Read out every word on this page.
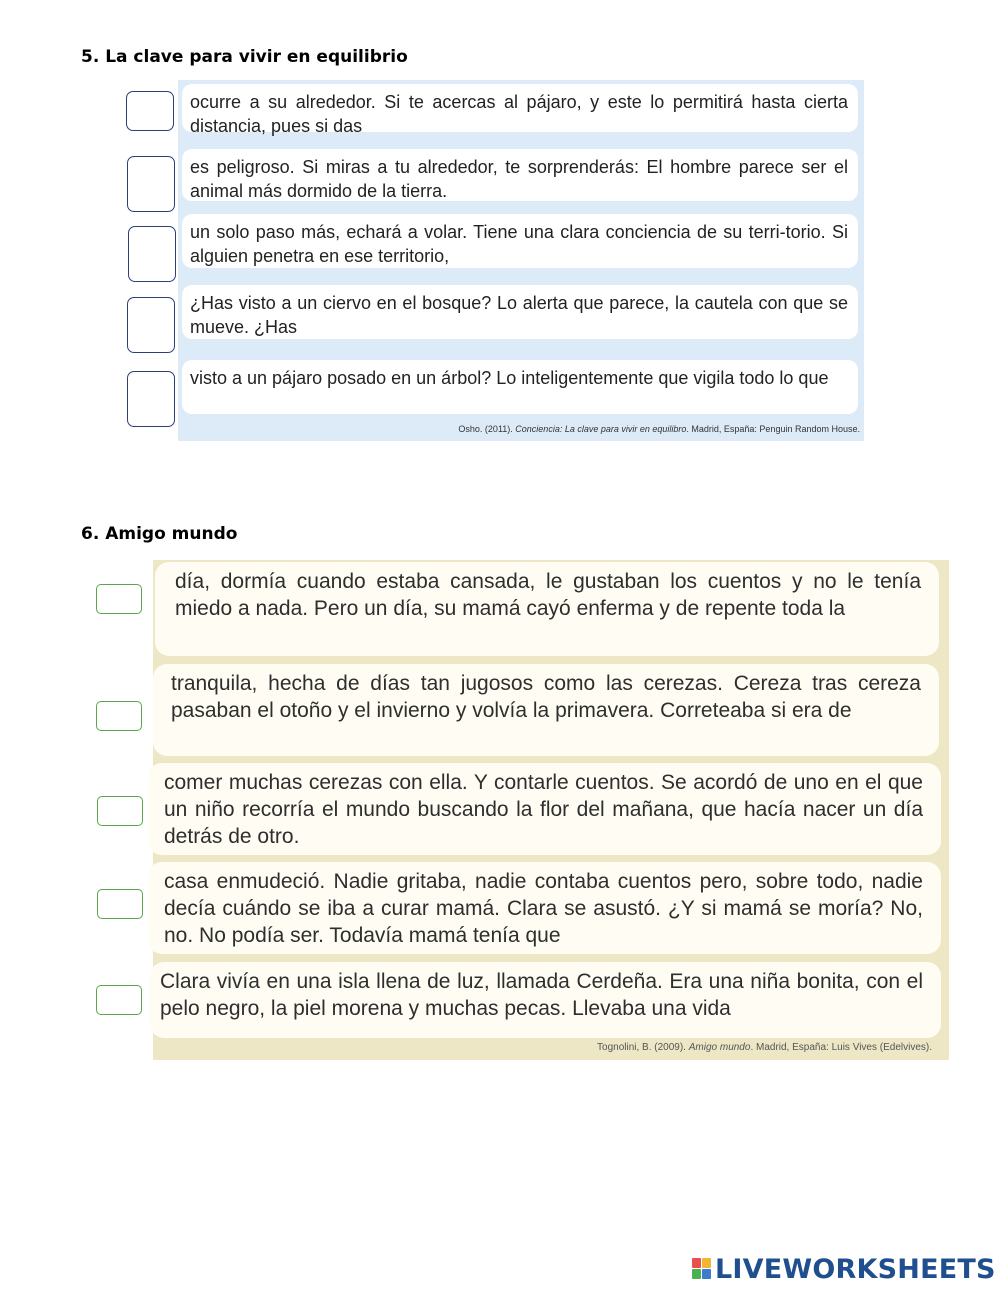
5. La clave para vivir en equilibrio
ocurre a su alrededor. Si te acercas al pájaro, y este lo permitirá hasta cierta distancia, pues si das
es peligroso. Si miras a tu alrededor, te sorprenderás: El hombre parece ser el animal más dormido de la tierra.
un solo paso más, echará a volar. Tiene una clara conciencia de su terri-torio. Si alguien penetra en ese territorio,
¿Has visto a un ciervo en el bosque? Lo alerta que parece, la cautela con que se mueve. ¿Has
visto a un pájaro posado en un árbol? Lo inteligentemente que vigila todo lo que
Osho. (2011). Conciencia: La clave para vivir en equilibro. Madrid, España: Penguin Random House.
6. Amigo mundo
día, dormía cuando estaba cansada, le gustaban los cuentos y no le tenía miedo a nada. Pero un día, su mamá cayó enferma y de repente toda la
tranquila, hecha de días tan jugosos como las cerezas. Cereza tras cereza pasaban el otoño y el invierno y volvía la primavera. Correteaba si era de
comer muchas cerezas con ella. Y contarle cuentos. Se acordó de uno en el que un niño recorría el mundo buscando la flor del mañana, que hacía nacer un día detrás de otro.
casa enmudeció. Nadie gritaba, nadie contaba cuentos pero, sobre todo, nadie decía cuándo se iba a curar mamá. Clara se asustó. ¿Y si mamá se moría? No, no. No podía ser. Todavía mamá tenía que
Clara vivía en una isla llena de luz, llamada Cerdeña. Era una niña bonita, con el pelo negro, la piel morena y muchas pecas. Llevaba una vida
Tognolini, B. (2009). Amigo mundo. Madrid, España: Luis Vives (Edelvives).
LIVEWORKSHEETS
